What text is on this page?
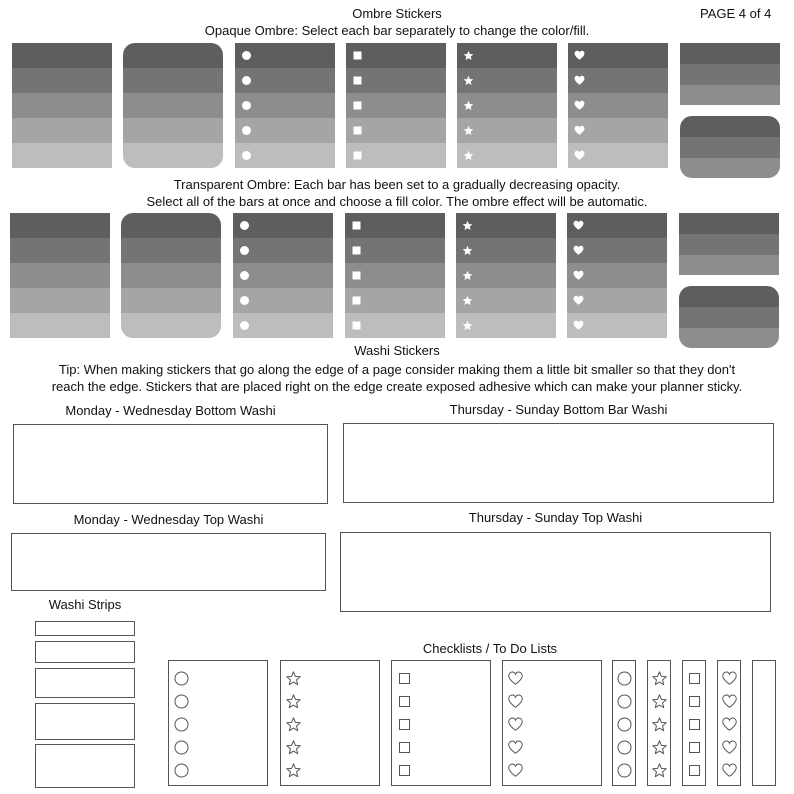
PAGE 4 of 4
Ombre Stickers
Opaque Ombre: Select each bar separately to change the color/fill.
Transparent Ombre: Each bar has been set to a gradually decreasing opacity.
Select all of the bars at once and choose a fill color. The ombre effect will be automatic.
Washi Stickers
Tip: When making stickers that go along the edge of a page consider making them a little bit smaller so that they don't
reach the edge. Stickers that are placed right on the edge create exposed adhesive which can make your planner sticky.
Monday - Wednesday Bottom Washi	Thursday - Sunday Bottom Bar Washi
Monday - Wednesday Top Washi	Thursday - Sunday Top Washi
Washi Strips
Checklists / To Do Lists
